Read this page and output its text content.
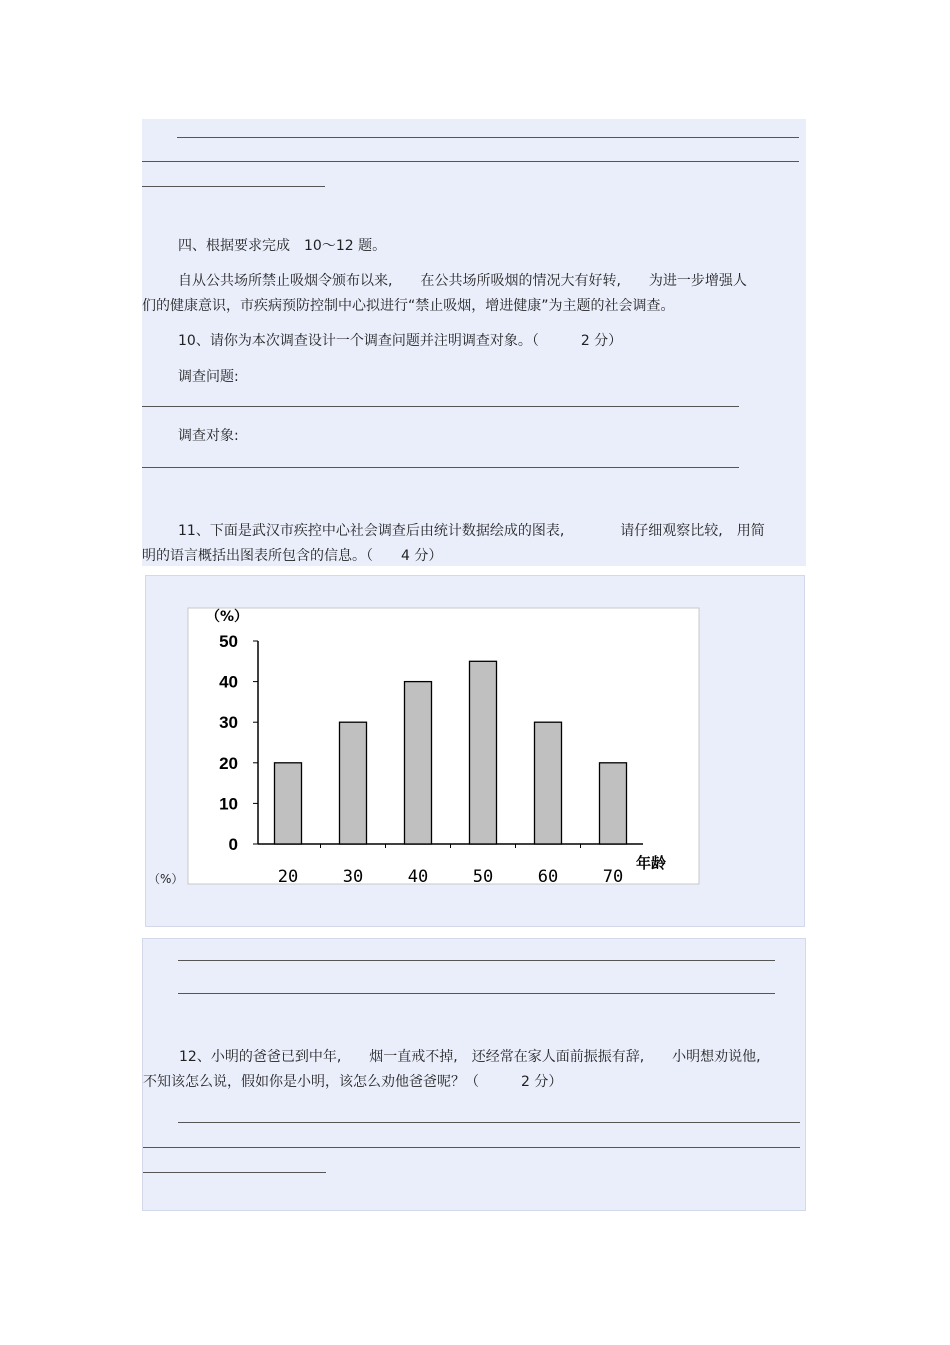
四、根据要求完成　10～12 题。
自从公共场所禁止吸烟令颁布以来,　　在公共场所吸烟的情况大有好转,　　为进一步增强人
们的健康意识，市疾病预防控制中心拟进行“禁止吸烟，增进健康”为主题的社会调查。
10、请你为本次调查设计一个调查问题并注明调查对象。（　　　2 分）
调查问题:
调查对象:
11、下面是武汉市疾控中心社会调查后由统计数据绘成的图表,　　　　请仔细观察比较,　用简
明的语言概括出图表所包含的信息。（　　4 分）
（%）
0
10
20
30
40
50
（%）
20	30	40	50	60	70
年龄
12、小明的爸爸已到中年,　　烟一直戒不掉,　还经常在家人面前振振有辞,　　小明想劝说他,
不知该怎么说，假如你是小明，该怎么劝他爸爸呢？（　　　2 分）
